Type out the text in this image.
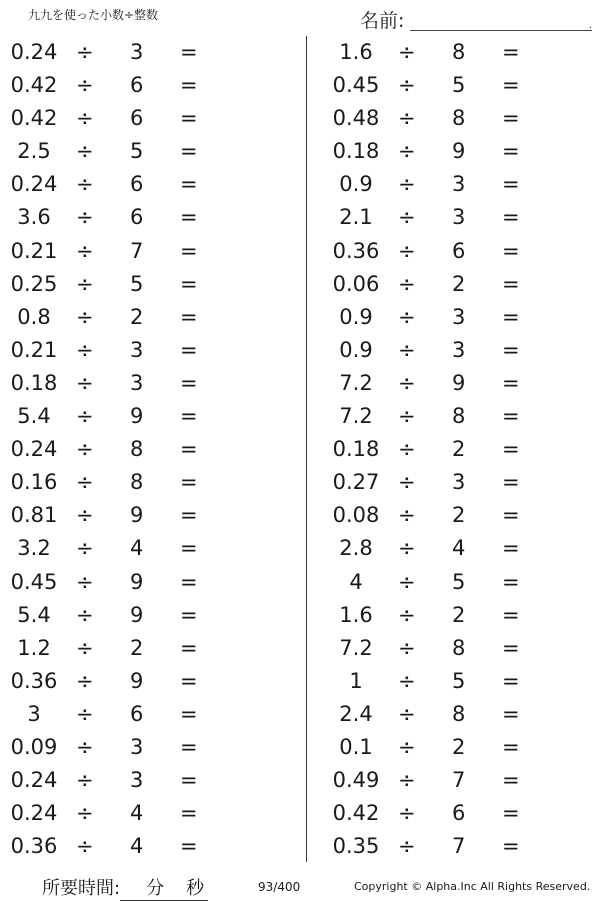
九九を使った小数÷整数	名前:	.
0.24 ÷ 3 =
0.42 ÷ 6 =
0.42 ÷ 6 =
2.5	÷ 5 =
0.24 ÷ 6 =
3.6	÷ 6 =
0.21 ÷ 7 =
0.25 ÷ 5 =
0.8	÷ 2 =
0.21 ÷ 3 =
0.18 ÷ 3 =
5.4	÷ 9 =
0.24 ÷ 8 =
0.16 ÷ 8 =
0.81 ÷ 9 =
3.2	÷ 4 =
0.45 ÷ 9 =
5.4	÷ 9 =
1.2	÷ 2 =
0.36 ÷ 9 =
3	÷ 6 =
0.09 ÷ 3 =
0.24 ÷ 3 =
0.24 ÷ 4 =
0.36 ÷ 4 =
1.6	÷ 8 =
0.45 ÷ 5 =
0.48 ÷ 8 =
0.18 ÷ 9 =
0.9	÷ 3 =
2.1	÷ 3 =
0.36 ÷ 6 =
0.06 ÷ 2 =
0.9	÷ 3 =
0.9	÷ 3 =
7.2	÷ 9 =
7.2	÷ 8 =
0.18 ÷ 2 =
0.27 ÷ 3 =
0.08 ÷ 2 =
2.8	÷ 4 =
4	÷ 5 =
1.6	÷ 2 =
7.2	÷ 8 =
1	÷ 5 =
2.4	÷ 8 =
0.1	÷ 2 =
0.49 ÷ 7 =
0.42 ÷ 6 =
0.35 ÷ 7 =
所要時間: 分 秒	93/400	Copyright © Alpha.Inc All Rights Reserved.
